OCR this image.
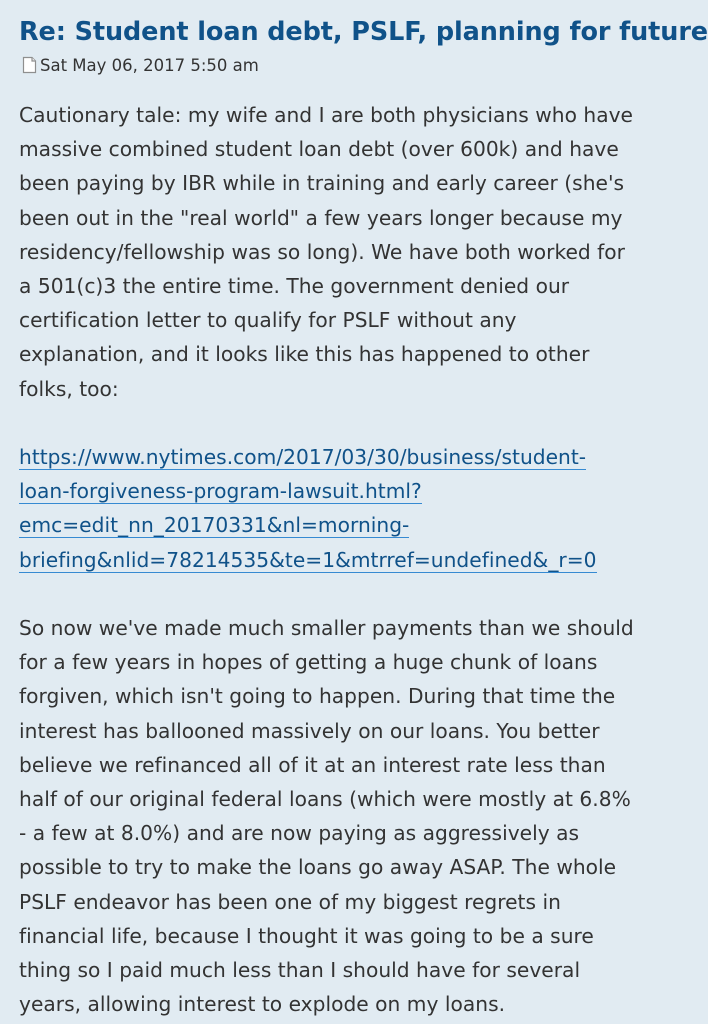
Re: Student loan debt, PSLF, planning for future
Sat May 06, 2017 5:50 am

Cautionary tale: my wife and I are both physicians who have
massive combined student loan debt (over 600k) and have
been paying by IBR while in training and early career (she's
been out in the "real world" a few years longer because my
residency/fellowship was so long). We have both worked for
a 501(c)3 the entire time. The government denied our
certification letter to qualify for PSLF without any
explanation, and it looks like this has happened to other
folks, too:

https://www.nytimes.com/2017/03/30/business/student-
loan-forgiveness-program-lawsuit.html?
emc=edit_nn_20170331&nl=morning-
briefing&nlid=78214535&te=1&mtrref=undefined&_r=0

So now we've made much smaller payments than we should
for a few years in hopes of getting a huge chunk of loans
forgiven, which isn't going to happen. During that time the
interest has ballooned massively on our loans. You better
believe we refinanced all of it at an interest rate less than
half of our original federal loans (which were mostly at 6.8%
- a few at 8.0%) and are now paying as aggressively as
possible to try to make the loans go away ASAP. The whole
PSLF endeavor has been one of my biggest regrets in
financial life, because I thought it was going to be a sure
thing so I paid much less than I should have for several
years, allowing interest to explode on my loans.
